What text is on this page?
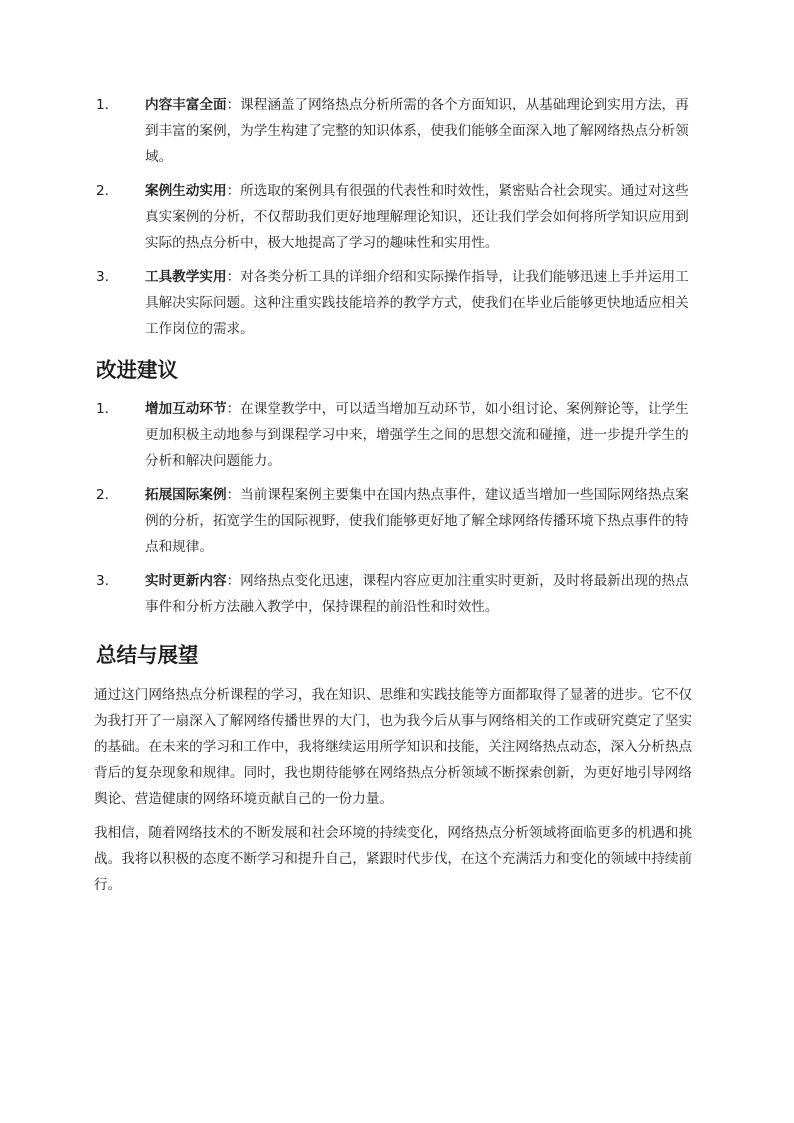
1.	内容丰富全面：课程涵盖了网络热点分析所需的各个方面知识，从基础理论到实用方法，再到丰富的案例，为学生构建了完整的知识体系，使我们能够全面深入地了解网络热点分析领域。
2.	案例生动实用：所选取的案例具有很强的代表性和时效性，紧密贴合社会现实。通过对这些真实案例的分析，不仅帮助我们更好地理解理论知识，还让我们学会如何将所学知识应用到实际的热点分析中，极大地提高了学习的趣味性和实用性。
3.	工具教学实用：对各类分析工具的详细介绍和实际操作指导，让我们能够迅速上手并运用工具解决实际问题。这种注重实践技能培养的教学方式，使我们在毕业后能够更快地适应相关工作岗位的需求。
改进建议
1.	增加互动环节：在课堂教学中，可以适当增加互动环节，如小组讨论、案例辩论等，让学生更加积极主动地参与到课程学习中来，增强学生之间的思想交流和碰撞，进一步提升学生的分析和解决问题能力。
2.	拓展国际案例：当前课程案例主要集中在国内热点事件，建议适当增加一些国际网络热点案例的分析，拓宽学生的国际视野，使我们能够更好地了解全球网络传播环境下热点事件的特点和规律。
3.	实时更新内容：网络热点变化迅速，课程内容应更加注重实时更新，及时将最新出现的热点事件和分析方法融入教学中，保持课程的前沿性和时效性。
总结与展望

通过这门网络热点分析课程的学习，我在知识、思维和实践技能等方面都取得了显著的进步。它不仅为我打开了一扇深入了解网络传播世界的大门，也为我今后从事与网络相关的工作或研究奠定了坚实的基础。在未来的学习和工作中，我将继续运用所学知识和技能，关注网络热点动态，深入分析热点背后的复杂现象和规律。同时，我也期待能够在网络热点分析领域不断探索创新，为更好地引导网络舆论、营造健康的网络环境贡献自己的一份力量。

我相信，随着网络技术的不断发展和社会环境的持续变化，网络热点分析领域将面临更多的机遇和挑战。我将以积极的态度不断学习和提升自己，紧跟时代步伐，在这个充满活力和变化的领域中持续前行。
